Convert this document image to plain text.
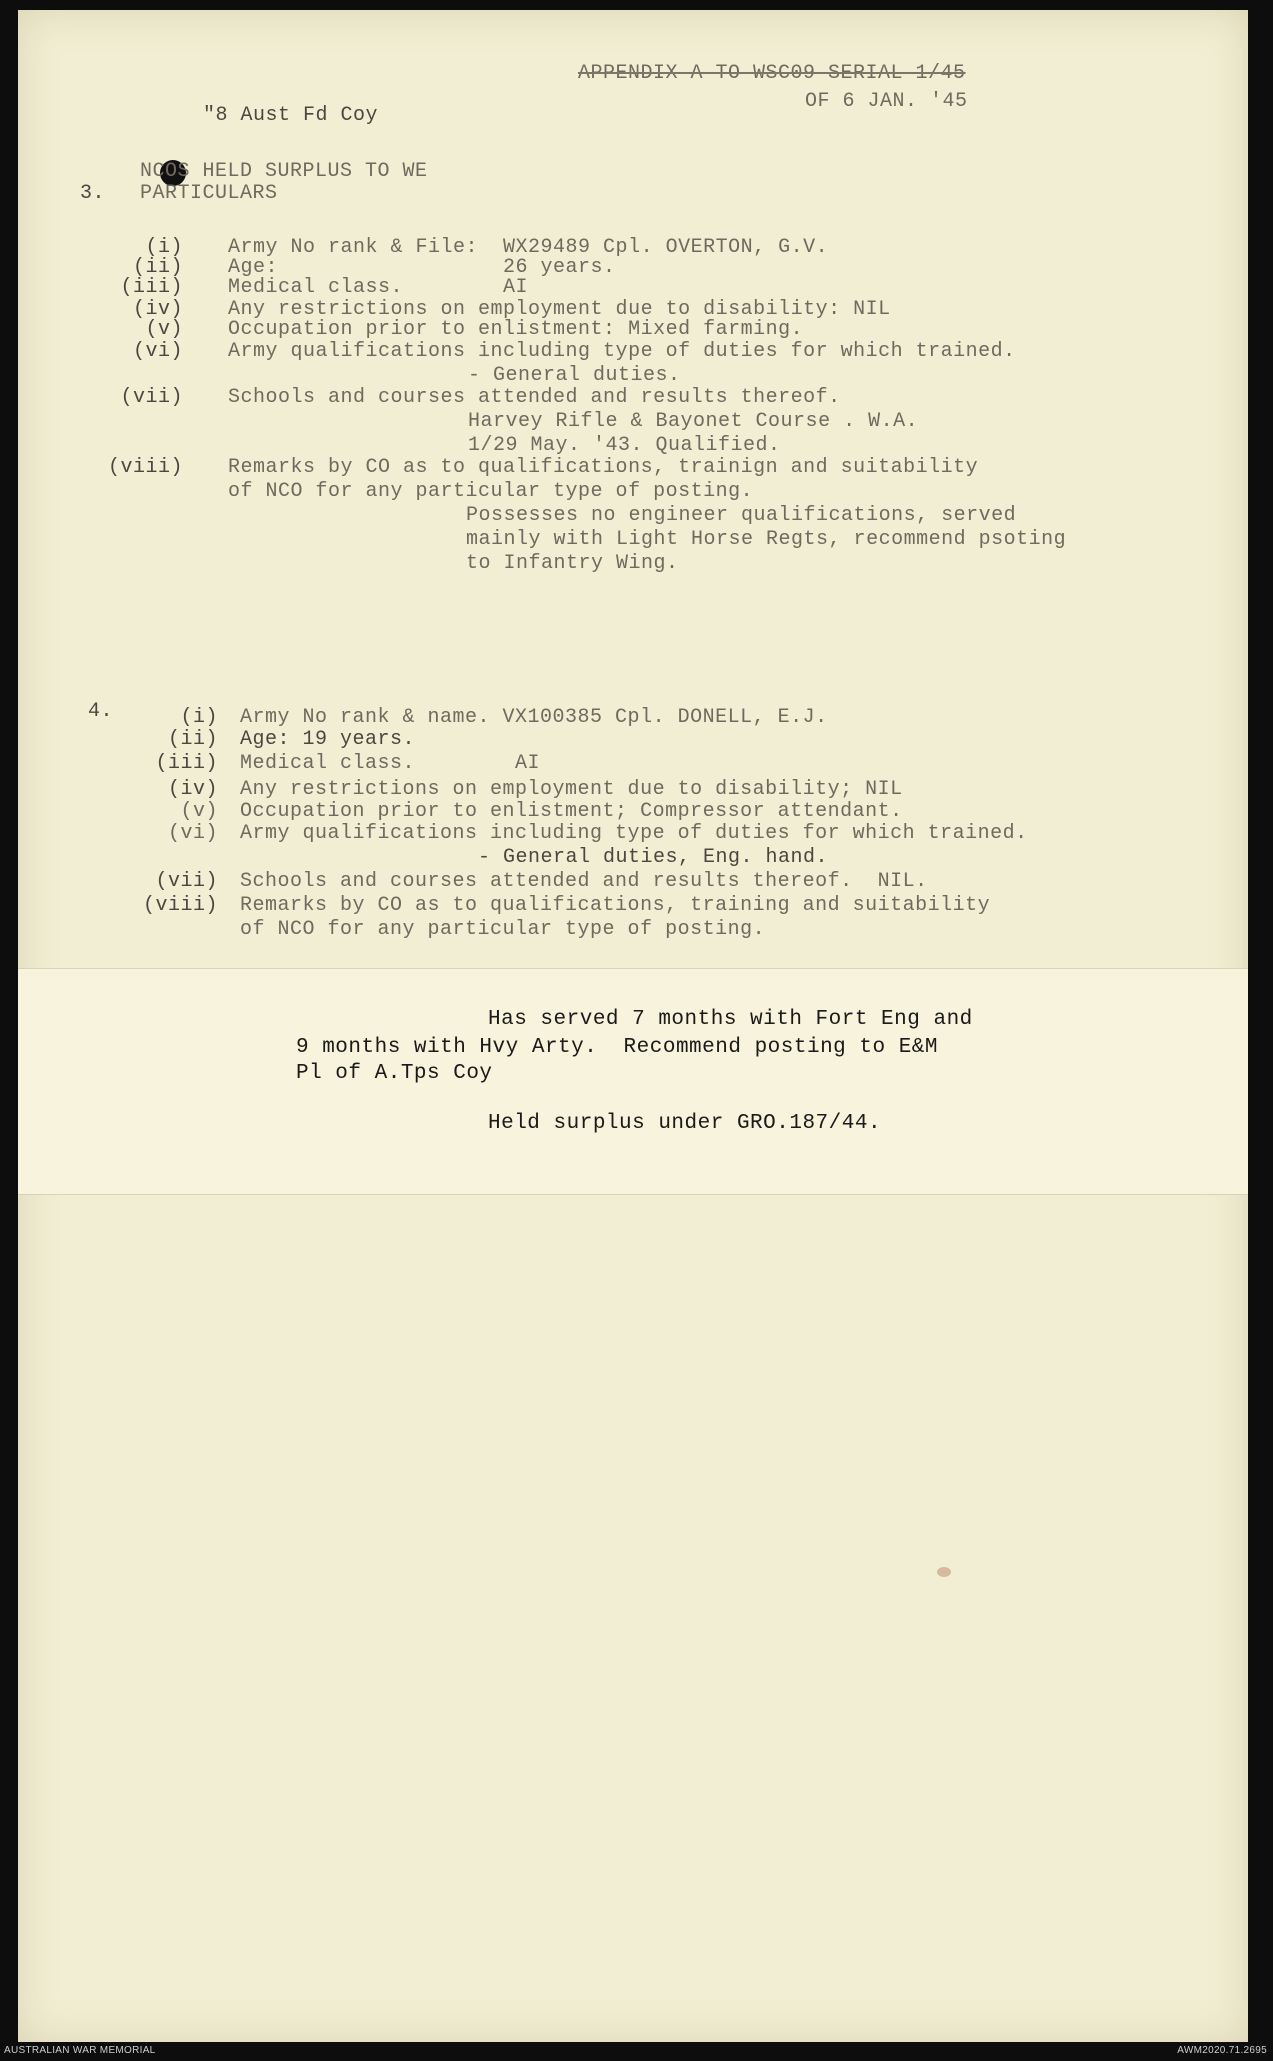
APPENDIX A TO WSC09 SERIAL 1/45
OF 6 JAN. '45
"8 Aust Fd Coy
NCOS HELD SURPLUS TO WE
3. PARTICULARS
(i) Army No rank & File:  WX29489 Cpl. OVERTON, G.V.
(ii) Age:                  26 years.
(iii) Medical class.        AI
(iv) Any restrictions on employment due to disability: NIL
(v) Occupation prior to enlistment: Mixed farming.
(vi) Army qualifications including type of duties for which trained.
- General duties.
(vii) Schools and courses attended and results thereof.
Harvey Rifle & Bayonet Course . W.A.
1/29 May. '43. Qualified.
(viii) Remarks by CO as to qualifications, trainign and suitability
of NCO for any particular type of posting.
Possesses no engineer qualifications, served
mainly with Light Horse Regts, recommend psoting
to Infantry Wing.
4.	(i) Army No rank & name. VX100385 Cpl. DONELL, E.J.
(ii) Age: 19 years.
(iii) Medical class.        AI
(iv) Any restrictions on employment due to disability; NIL
(v) Occupation prior to enlistment; Compressor attendant.
(vi) Army qualifications including type of duties for which trained.
- General duties, Eng. hand.
(vii) Schools and courses attended and results thereof.  NIL.
(viii) Remarks by CO as to qualifications, training and suitability
of NCO for any particular type of posting.
Has served 7 months with Fort Eng and
9 months with Hvy Arty.  Recommend posting to E&M
Pl of A.Tps Coy
Held surplus under GRO.187/44.
AUSTRALIAN WAR MEMORIAL	AWM2020.71.2695
